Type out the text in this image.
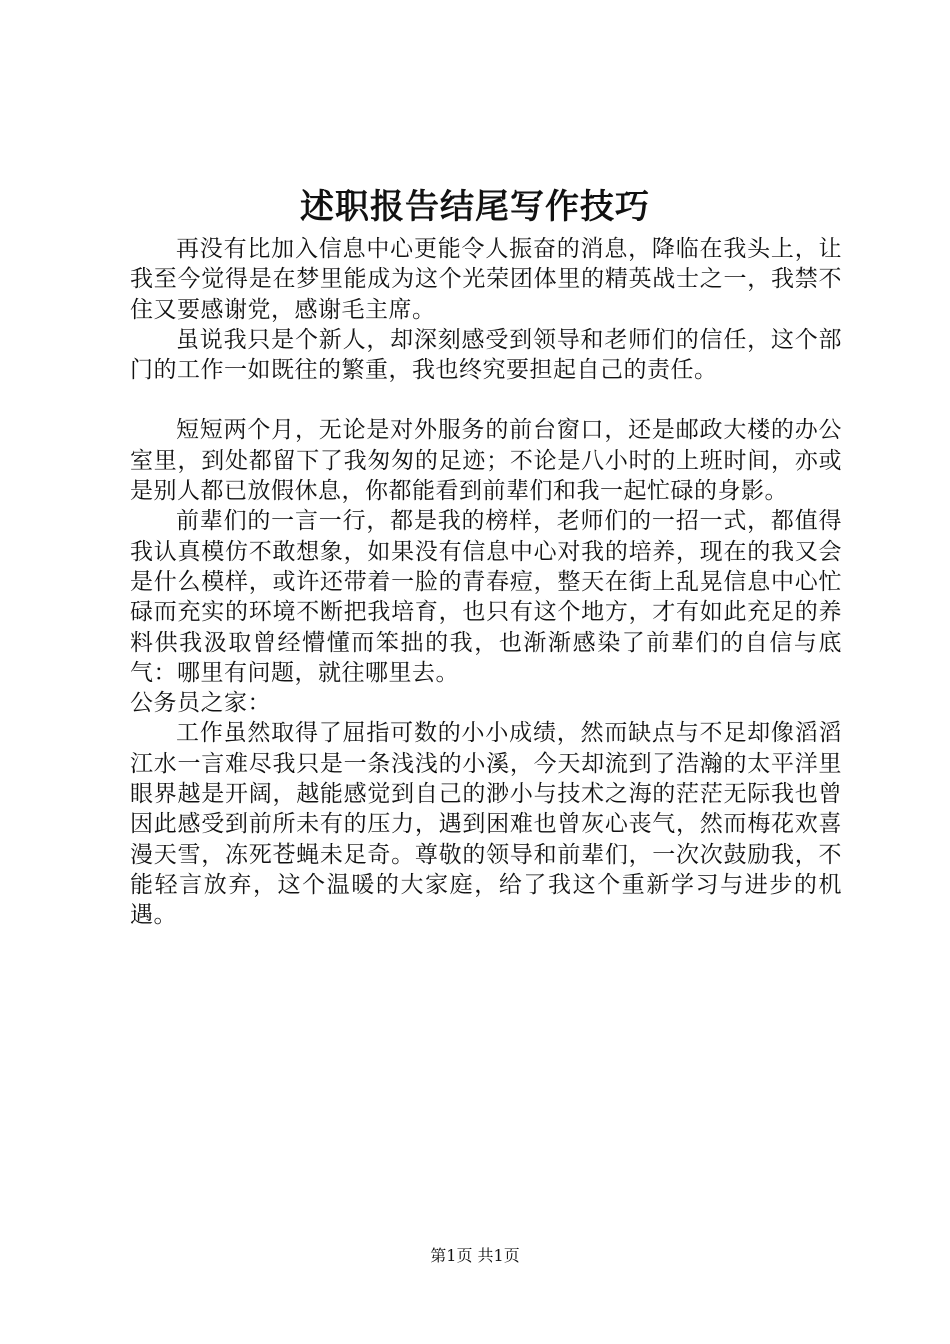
述职报告结尾写作技巧

再没有比加入信息中心更能令人振奋的消息，降临在我头上，让我至今觉得是在梦里能成为这个光荣团体里的精英战士之一，我禁不住又要感谢党，感谢毛主席。

虽说我只是个新人，却深刻感受到领导和老师们的信任，这个部门的工作一如既往的繁重，我也终究要担起自己的责任。

短短两个月，无论是对外服务的前台窗口，还是邮政大楼的办公室里，到处都留下了我匆匆的足迹；不论是八小时的上班时间，亦或是别人都已放假休息，你都能看到前辈们和我一起忙碌的身影。

前辈们的一言一行，都是我的榜样，老师们的一招一式，都值得我认真模仿不敢想象，如果没有信息中心对我的培养，现在的我又会是什么模样，或许还带着一脸的青春痘，整天在街上乱晃信息中心忙碌而充实的环境不断把我培育，也只有这个地方，才有如此充足的养料供我汲取曾经懵懂而笨拙的我，也渐渐感染了前辈们的自信与底气：哪里有问题，就往哪里去。

公务员之家：

工作虽然取得了屈指可数的小小成绩，然而缺点与不足却像滔滔江水一言难尽我只是一条浅浅的小溪，今天却流到了浩瀚的太平洋里眼界越是开阔，越能感觉到自己的渺小与技术之海的茫茫无际我也曾因此感受到前所未有的压力，遇到困难也曾灰心丧气，然而梅花欢喜漫天雪，冻死苍蝇未足奇。尊敬的领导和前辈们，一次次鼓励我，不能轻言放弃，这个温暖的大家庭，给了我这个重新学习与进步的机遇。

第1页 共1页
